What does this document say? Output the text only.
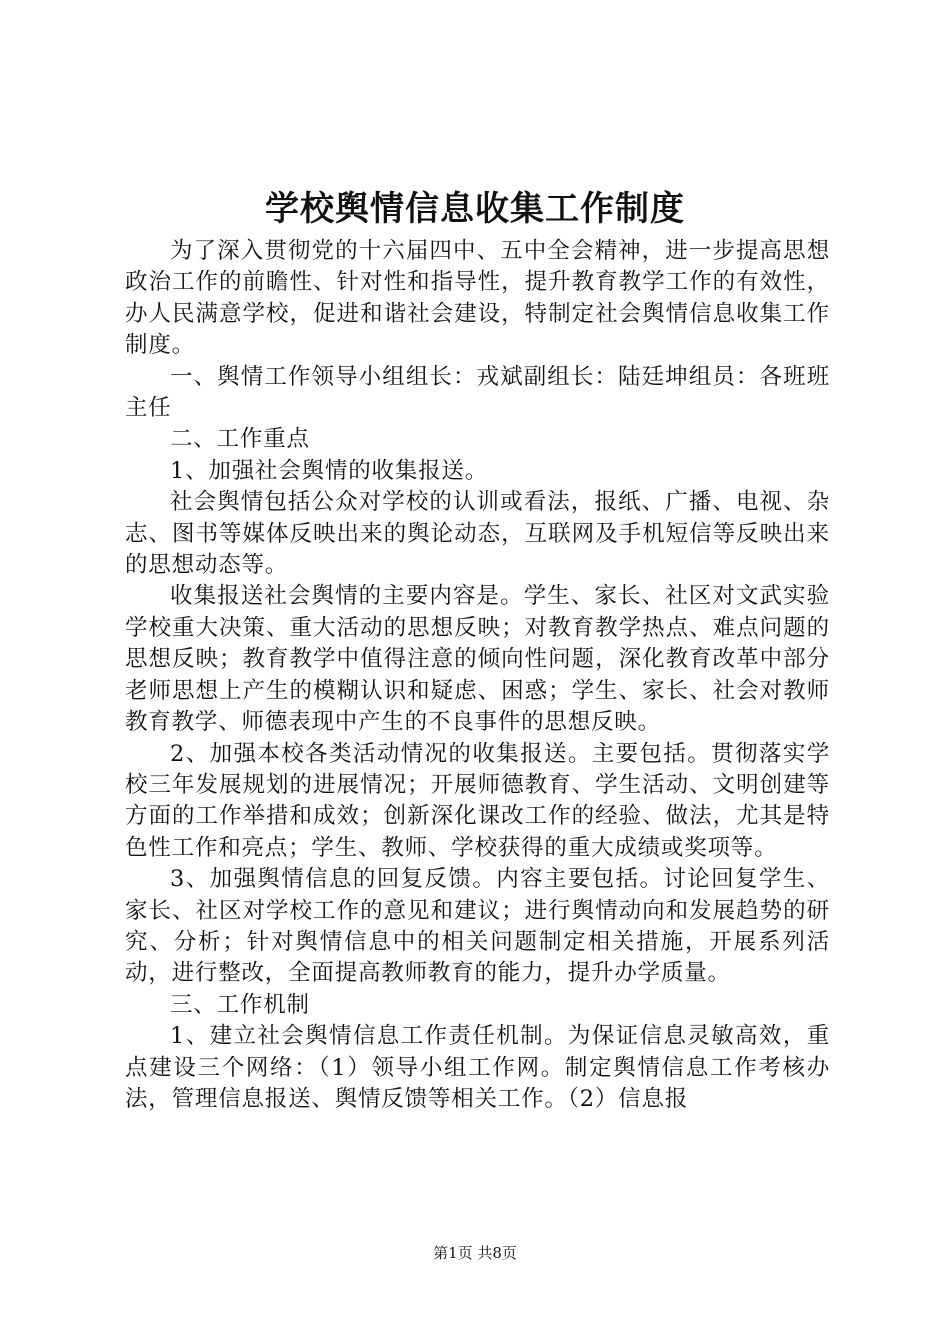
学校舆情信息收集工作制度

为了深入贯彻党的十六届四中、五中全会精神，进一步提高思想政治工作的前瞻性、针对性和指导性，提升教育教学工作的有效性，办人民满意学校，促进和谐社会建设，特制定社会舆情信息收集工作制度。

一、舆情工作领导小组组长：戎斌副组长：陆廷坤组员：各班班主任

二、工作重点

1、加强社会舆情的收集报送。

社会舆情包括公众对学校的认训或看法，报纸、广播、电视、杂志、图书等媒体反映出来的舆论动态，互联网及手机短信等反映出来的思想动态等。

收集报送社会舆情的主要内容是。学生、家长、社区对文武实验学校重大决策、重大活动的思想反映；对教育教学热点、难点问题的思想反映；教育教学中值得注意的倾向性问题，深化教育改革中部分老师思想上产生的模糊认识和疑虑、困惑；学生、家长、社会对教师教育教学、师德表现中产生的不良事件的思想反映。

2、加强本校各类活动情况的收集报送。主要包括。贯彻落实学校三年发展规划的进展情况；开展师德教育、学生活动、文明创建等方面的工作举措和成效；创新深化课改工作的经验、做法，尤其是特色性工作和亮点；学生、教师、学校获得的重大成绩或奖项等。

3、加强舆情信息的回复反馈。内容主要包括。讨论回复学生、家长、社区对学校工作的意见和建议；进行舆情动向和发展趋势的研究、分析；针对舆情信息中的相关问题制定相关措施，开展系列活动，进行整改，全面提高教师教育的能力，提升办学质量。

三、工作机制

1、建立社会舆情信息工作责任机制。为保证信息灵敏高效，重点建设三个网络：（1）领导小组工作网。制定舆情信息工作考核办法，管理信息报送、舆情反馈等相关工作。（2）信息报

第1页 共8页
